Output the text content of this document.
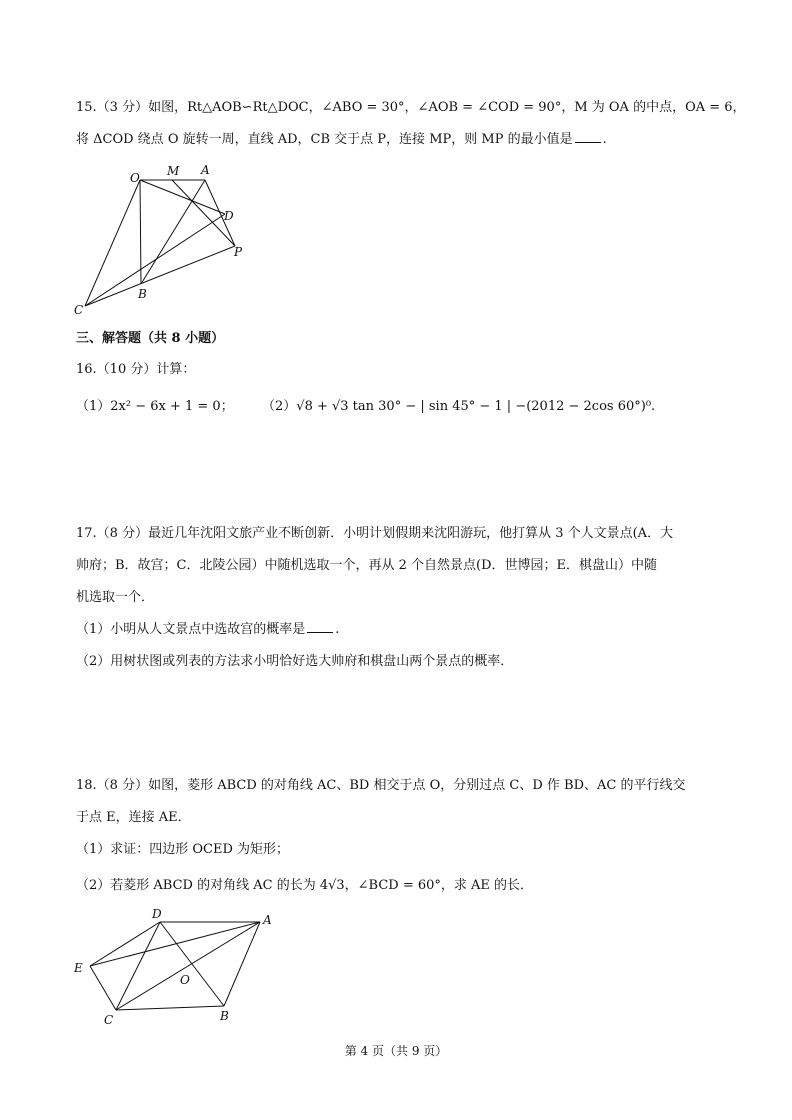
15.（3 分）如图，Rt△AOB∽Rt△DOC，∠ABO = 30°，∠AOB = ∠COD = 90°，M 为 OA 的中点，OA = 6，
将 ΔCOD 绕点 O 旋转一周，直线 AD，CB 交于点 P，连接 MP，则 MP 的最小值是 .
O M A
D
P
B
C
三、解答题（共 8 小题）
16.（10 分）计算：
（1）2x² − 6x + 1 = 0； （2）√8 + √3 tan 30° − | sin 45° − 1 | −(2012 − 2cos 60°)⁰.
17.（8 分）最近几年沈阳文旅产业不断创新．小明计划假期来沈阳游玩，他打算从 3 个人文景点(A．大
帅府；B．故宫；C．北陵公园）中随机选取一个，再从 2 个自然景点(D．世博园；E．棋盘山）中随
机选取一个．
（1）小明从人文景点中选故宫的概率是 .
（2）用树状图或列表的方法求小明恰好选大帅府和棋盘山两个景点的概率．
18.（8 分）如图，菱形 ABCD 的对角线 AC、BD 相交于点 O，分别过点 C、D 作 BD、AC 的平行线交
于点 E，连接 AE．
（1）求证：四边形 OCED 为矩形；
（2）若菱形 ABCD 的对角线 AC 的长为 4√3，∠BCD = 60°，求 AE 的长．
D	A
E
O
C	B
第 4 页（共 9 页）
